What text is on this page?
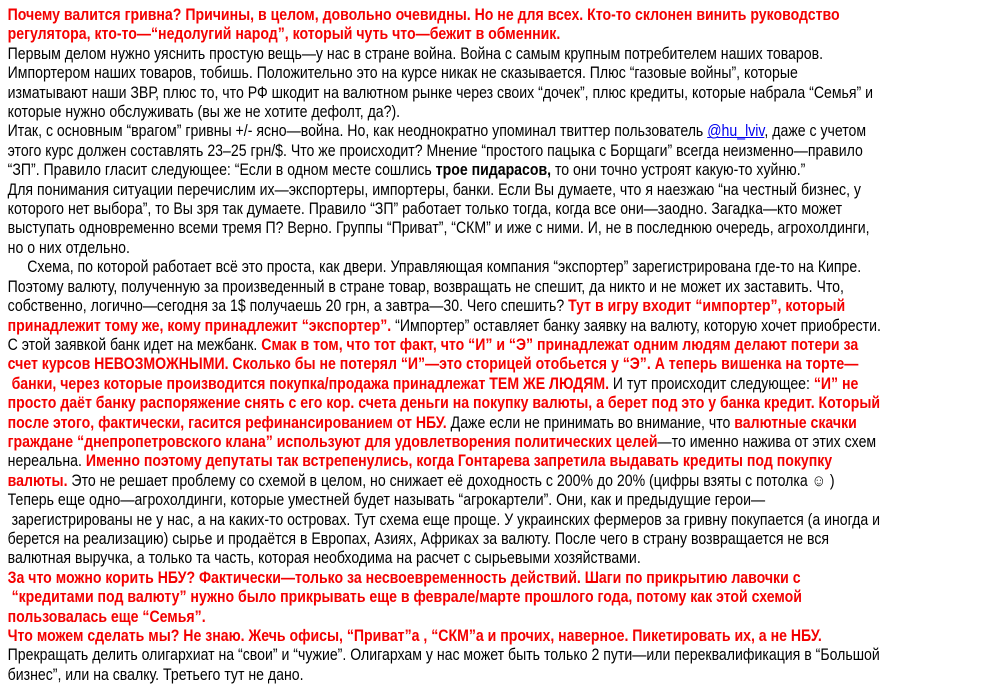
Почему валится гривна? Причины, в целом, довольно очевидны. Но не для всех. Кто-то склонен винить руководство
регулятора, кто-то—“недолугий народ”, который чуть что—бежит в обменник.
Первым делом нужно уяснить простую вещь—у нас в стране война. Война с самым крупным потребителем наших товаров.
Импортером наших товаров, тобишь. Положительно это на курсе никак не сказывается. Плюс “газовые войны”, которые
изматывают наши ЗВР, плюс то, что РФ шкодит на валютном рынке через своих “дочек”, плюс кредиты, которые набрала “Семья” и
которые нужно обслуживать (вы же не хотите дефолт, да?).
Итак, с основным “врагом” гривны +/- ясно—война. Но, как неоднократно упоминал твиттер пользователь @hu_lviv, даже с учетом
этого курс должен составлять 23–25 грн/$. Что же происходит? Мнение “простого пацыка с Борщаги” всегда неизменно—правило
“ЗП”. Правило гласит следующее: “Если в одном месте сошлись трое пидарасов, то они точно устроят какую-то хуйню.”
Для понимания ситуации перечислим их—экспортеры, импортеры, банки. Если Вы думаете, что я наезжаю “на честный бизнес, у
которого нет выбора”, то Вы зря так думаете. Правило “ЗП” работает только тогда, когда все они—заодно. Загадка—кто может
выступать одновременно всеми тремя П? Верно. Группы “Приват”, “СКМ” и иже с ними. И, не в последнюю очередь, агрохолдинги,
но о них отдельно.
Схема, по которой работает всё это проста, как двери. Управляющая компания “экспортер” зарегистрирована где-то на Кипре.
Поэтому валюту, полученную за произведенный в стране товар, возвращать не спешит, да никто и не может их заставить. Что,
собственно, логично—сегодня за 1$ получаешь 20 грн, а завтра—30. Чего спешить? Тут в игру входит “импортер”, который
принадлежит тому же, кому принадлежит “экспортер”. “Импортер” оставляет банку заявку на валюту, которую хочет приобрести.
С этой заявкой банк идет на межбанк. Смак в том, что тот факт, что “И” и “Э” принадлежат одним людям делают потери за
счет курсов НЕВОЗМОЖНЫМИ. Сколько бы не потерял “И”—это сторицей отобьется у “Э”. А теперь вишенка на торте—
банки, через которые производится покупка/продажа принадлежат ТЕМ ЖЕ ЛЮДЯМ. И тут происходит следующее: “И” не
просто даёт банку распоряжение снять с его кор. счета деньги на покупку валюты, а берет под это у банка кредит. Который
после этого, фактически, гасится рефинансированием от НБУ. Даже если не принимать во внимание, что валютные скачки
граждане “днепропетровского клана” используют для удовлетворения политических целей—то именно нажива от этих схем
нереальна. Именно поэтому депутаты так встрепенулись, когда Гонтарева запретила выдавать кредиты под покупку
валюты. Это не решает проблему со схемой в целом, но снижает её доходность с 200% до 20% (цифры взяты с потолка ☺ )
Теперь еще одно—агрохолдинги, которые уместней будет называть “агрокартели”. Они, как и предыдущие герои—
зарегистрированы не у нас, а на каких-то островах. Тут схема еще проще. У украинских фермеров за гривну покупается (а иногда и
берется на реализацию) сырье и продаётся в Европах, Азиях, Африках за валюту. После чего в страну возвращается не вся
валютная выручка, а только та часть, которая необходима на расчет с сырьевыми хозяйствами.
За что можно корить НБУ? Фактически—только за несвоевременность действий. Шаги по прикрытию лавочки с
“кредитами под валюту” нужно было прикрывать еще в феврале/марте прошлого года, потому как этой схемой
пользовалась еще “Семья”.
Что можем сделать мы? Не знаю. Жечь офисы, “Приват”а , “СКМ”а и прочих, наверное. Пикетировать их, а не НБУ.
Прекращать делить олигархиат на “свои” и “чужие”. Олигархам у нас может быть только 2 пути—или переквалификация в “Большой
бизнес”, или на свалку. Третьего тут не дано.
